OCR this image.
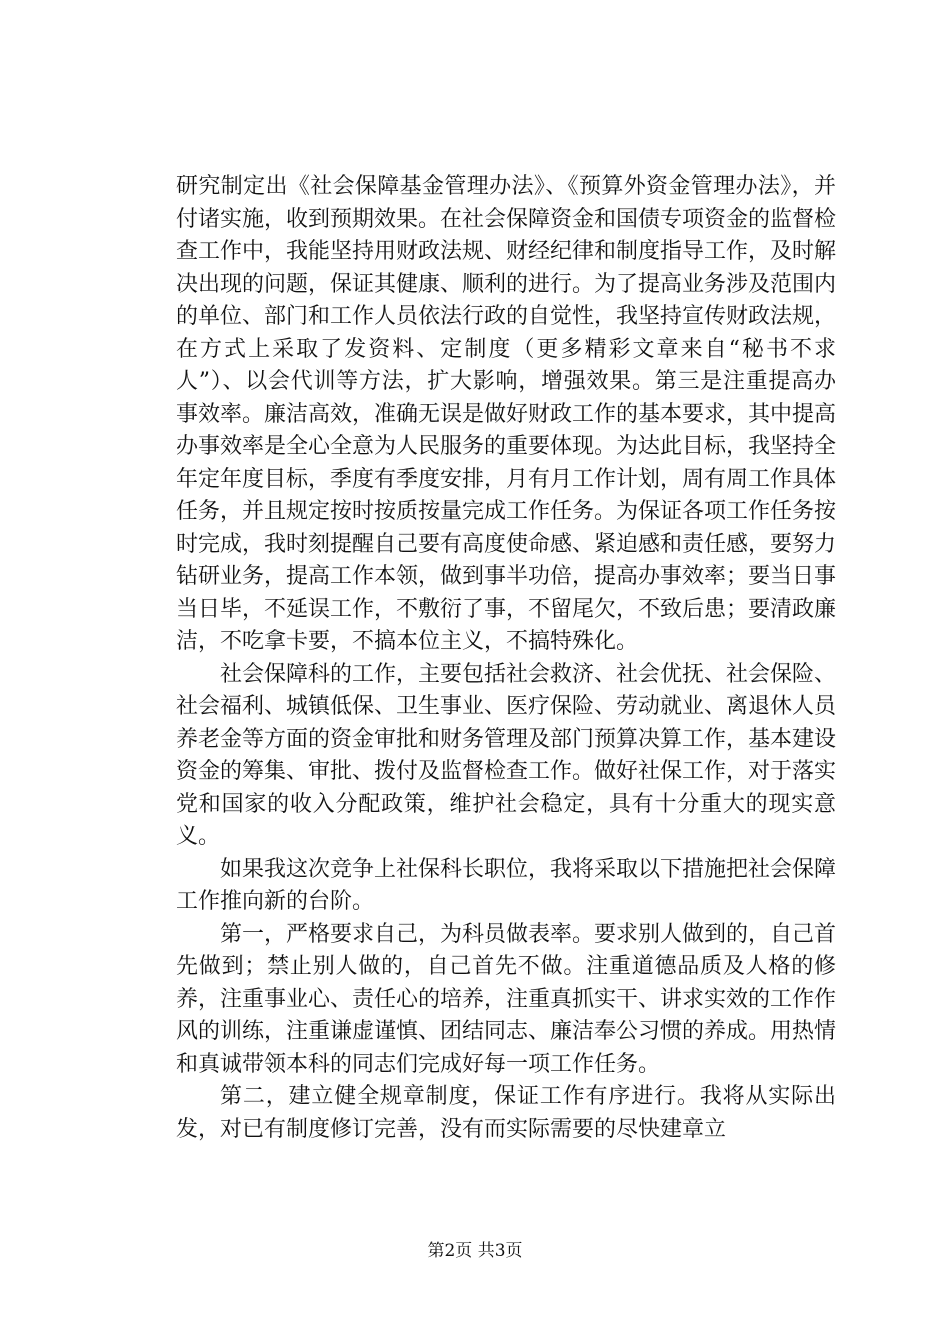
研究制定出《社会保障基金管理办法》、《预算外资金管理办法》，并付诸实施，收到预期效果。在社会保障资金和国债专项资金的监督检查工作中，我能坚持用财政法规、财经纪律和制度指导工作，及时解决出现的问题，保证其健康、顺利的进行。为了提高业务涉及范围内的单位、部门和工作人员依法行政的自觉性，我坚持宣传财政法规，在方式上采取了发资料、定制度（更多精彩文章来自“秘书不求人”）、以会代训等方法，扩大影响，增强效果。第三是注重提高办事效率。廉洁高效，准确无误是做好财政工作的基本要求，其中提高办事效率是全心全意为人民服务的重要体现。为达此目标，我坚持全年定年度目标，季度有季度安排，月有月工作计划，周有周工作具体任务，并且规定按时按质按量完成工作任务。为保证各项工作任务按时完成，我时刻提醒自己要有高度使命感、紧迫感和责任感，要努力钻研业务，提高工作本领，做到事半功倍，提高办事效率；要当日事当日毕，不延误工作，不敷衍了事，不留尾欠，不致后患；要清政廉洁，不吃拿卡要，不搞本位主义，不搞特殊化。

社会保障科的工作，主要包括社会救济、社会优抚、社会保险、社会福利、城镇低保、卫生事业、医疗保险、劳动就业、离退休人员养老金等方面的资金审批和财务管理及部门预算决算工作，基本建设资金的筹集、审批、拨付及监督检查工作。做好社保工作，对于落实党和国家的收入分配政策，维护社会稳定，具有十分重大的现实意义。

如果我这次竞争上社保科长职位，我将采取以下措施把社会保障工作推向新的台阶。

第一，严格要求自己，为科员做表率。要求别人做到的，自己首先做到；禁止别人做的，自己首先不做。注重道德品质及人格的修养，注重事业心、责任心的培养，注重真抓实干、讲求实效的工作作风的训练，注重谦虚谨慎、团结同志、廉洁奉公习惯的养成。用热情和真诚带领本科的同志们完成好每一项工作任务。

第二，建立健全规章制度，保证工作有序进行。我将从实际出发，对已有制度修订完善，没有而实际需要的尽快建章立

第2页 共3页
